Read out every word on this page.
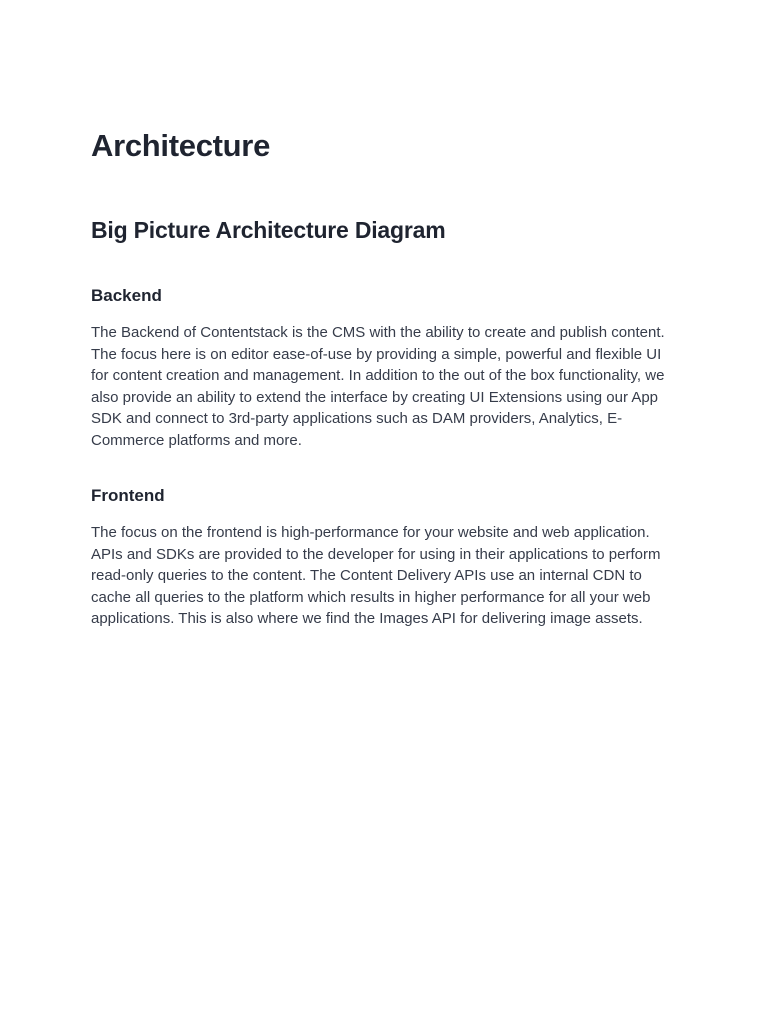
Architecture
Big Picture Architecture Diagram
Backend

The Backend of Contentstack is the CMS with the ability to create and publish content. The focus here is on editor ease-of-use by providing a simple, powerful and flexible UI for content creation and management. In addition to the out of the box functionality, we also provide an ability to extend the interface by creating UI Extensions using our App SDK and connect to 3rd-party applications such as DAM providers, Analytics, E-Commerce platforms and more.

Frontend

The focus on the frontend is high-performance for your website and web application. APIs and SDKs are provided to the developer for using in their applications to perform read-only queries to the content. The Content Delivery APIs use an internal CDN to cache all queries to the platform which results in higher performance for all your web applications. This is also where we find the Images API for delivering image assets.
